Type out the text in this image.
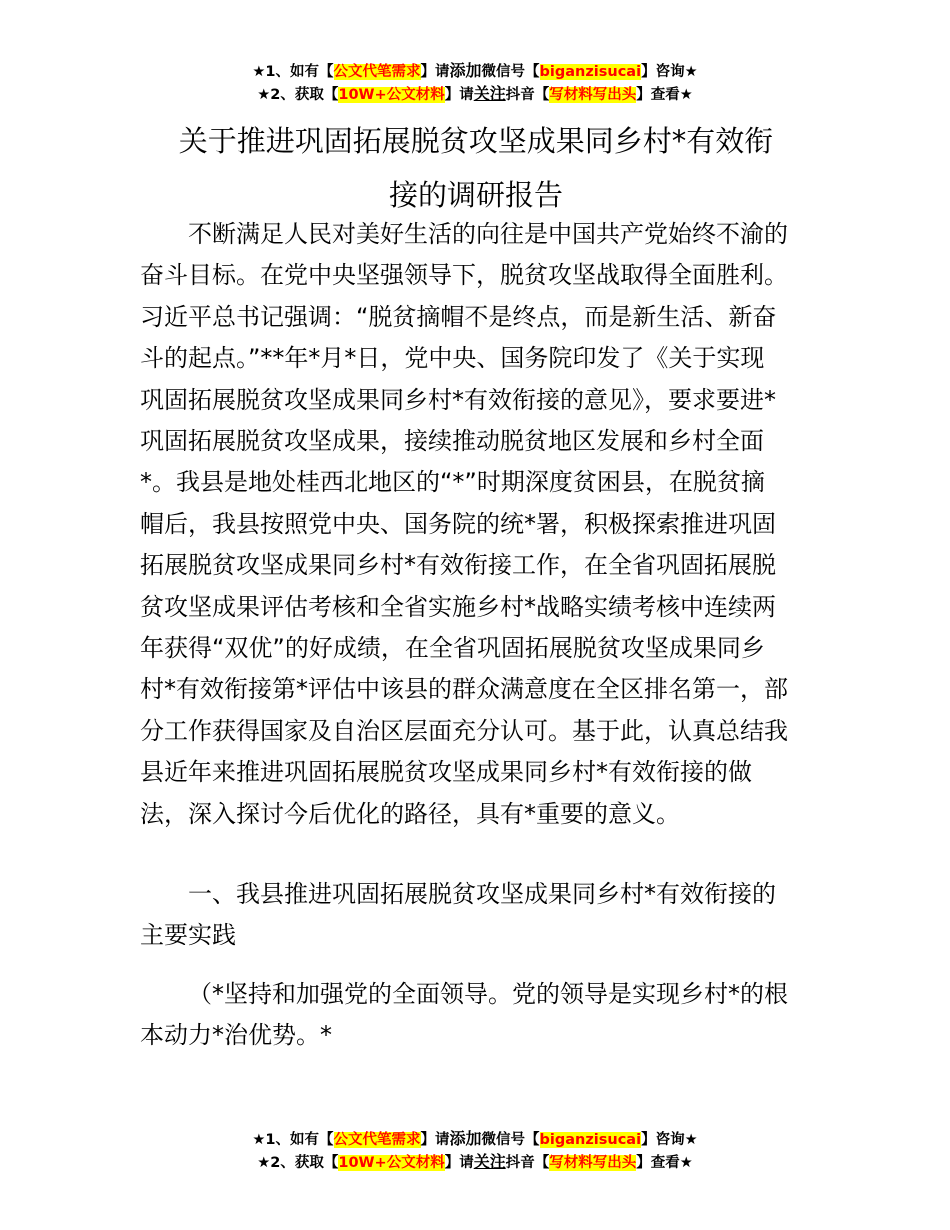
★1、如有【公文代笔需求】请添加微信号【biganzisucai】咨询★
★2、获取【10W+公文材料】请关注抖音【写材料写出头】查看★
关于推进巩固拓展脱贫攻坚成果同乡村*有效衔
接的调研报告
不断满足人民对美好生活的向往是中国共产党始终不渝的
奋斗目标。在党中央坚强领导下，脱贫攻坚战取得全面胜利。
习近平总书记强调：“脱贫摘帽不是终点，而是新生活、新奋
斗的起点。”**年*月*日，党中央、国务院印发了《关于实现
巩固拓展脱贫攻坚成果同乡村*有效衔接的意见》，要求要进*
巩固拓展脱贫攻坚成果，接续推动脱贫地区发展和乡村全面
*。我县是地处桂西北地区的“*”时期深度贫困县，在脱贫摘
帽后，我县按照党中央、国务院的统*署，积极探索推进巩固
拓展脱贫攻坚成果同乡村*有效衔接工作，在全省巩固拓展脱
贫攻坚成果评估考核和全省实施乡村*战略实绩考核中连续两
年获得“双优”的好成绩，在全省巩固拓展脱贫攻坚成果同乡
村*有效衔接第*评估中该县的群众满意度在全区排名第一，部
分工作获得国家及自治区层面充分认可。基于此，认真总结我
县近年来推进巩固拓展脱贫攻坚成果同乡村*有效衔接的做
法，深入探讨今后优化的路径，具有*重要的意义。
一、我县推进巩固拓展脱贫攻坚成果同乡村*有效衔接的
主要实践
（*坚持和加强党的全面领导。党的领导是实现乡村*的根
本动力*治优势。*
★1、如有【公文代笔需求】请添加微信号【biganzisucai】咨询★
★2、获取【10W+公文材料】请关注抖音【写材料写出头】查看★
